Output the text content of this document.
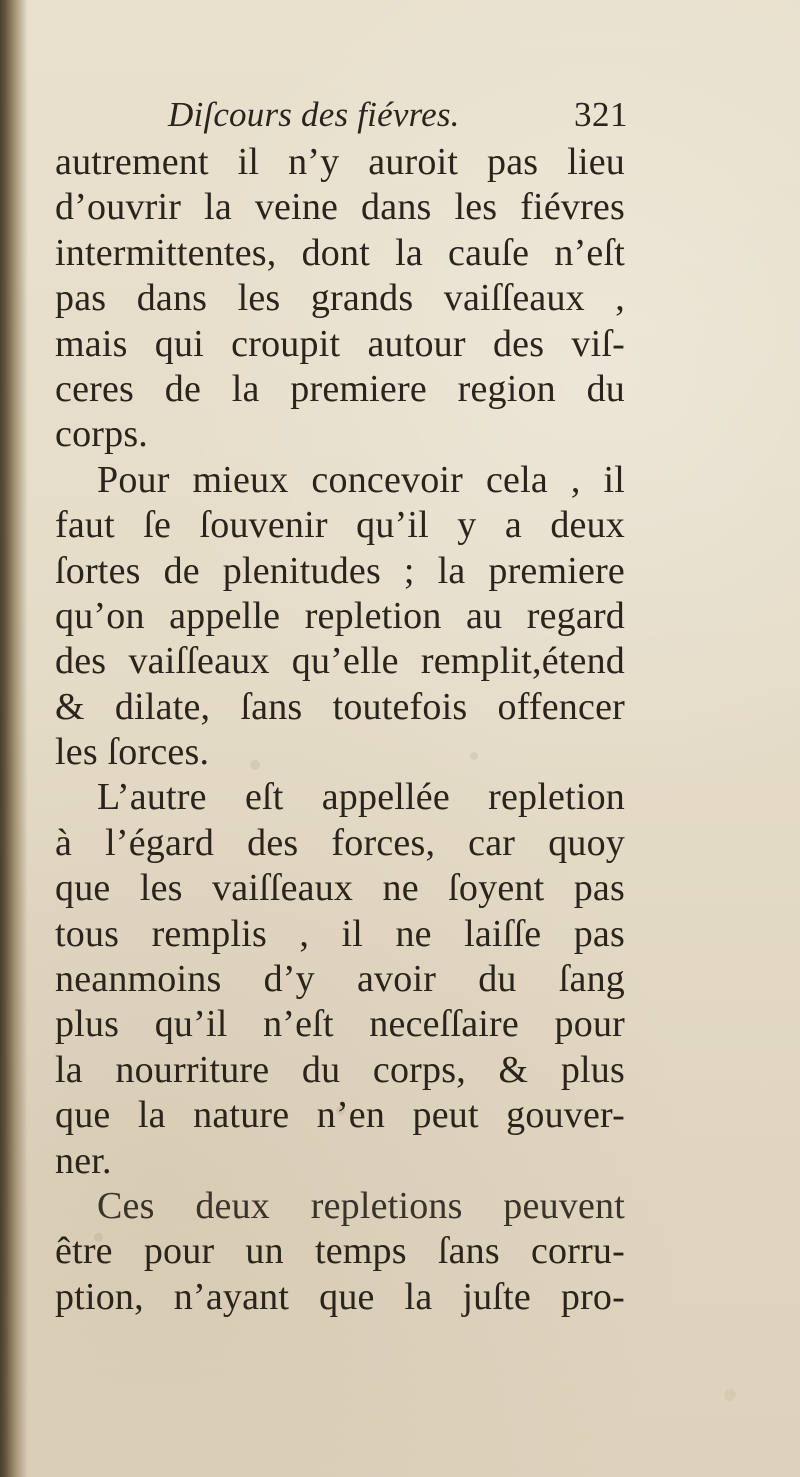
Diſcours des fiévres.	321
autrement il n’y auroit pas lieu
d’ouvrir la veine dans les fiévres
intermittentes, dont la cauſe n’eſt
pas dans les grands vaiſſeaux ,
mais qui croupit autour des viſ-
ceres de la premiere region du
corps.
Pour mieux concevoir cela , il
faut ſe ſouvenir qu’il y a deux
ſortes de plenitudes ; la premiere
qu’on appelle repletion au regard
des vaiſſeaux qu’elle remplit,étend
& dilate, ſans toutefois offencer
les ſorces.
L’autre eſt appellée repletion
à l’égard des forces, car quoy
que les vaiſſeaux ne ſoyent pas
tous remplis , il ne laiſſe pas
neanmoins d’y avoir du ſang
plus qu’il n’eſt neceſſaire pour
la nourriture du corps, & plus
que la nature n’en peut gouver-
ner.
Ces deux repletions peuvent
être pour un temps ſans corru-
ption, n’ayant que la juſte pro-
